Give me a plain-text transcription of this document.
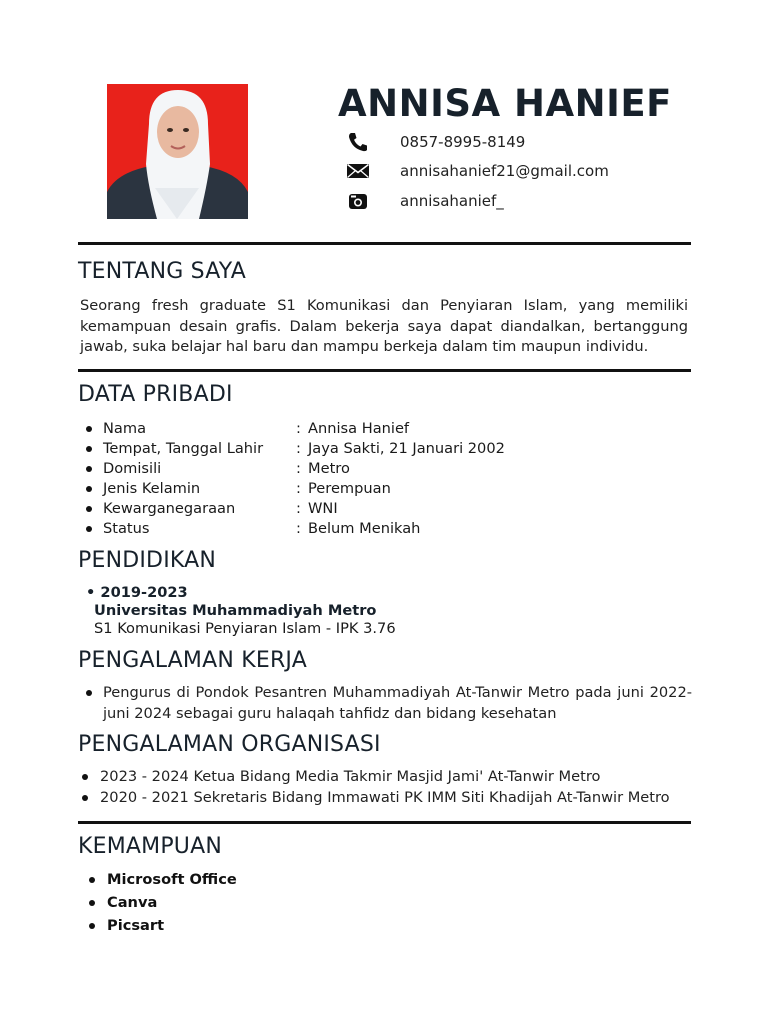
ANNISA HANIEF
0857-8995-8149
annisahanief21@gmail.com
annisahanief_
TENTANG SAYA
Seorang fresh graduate S1 Komunikasi dan Penyiaran Islam, yang memiliki kemampuan desain grafis. Dalam bekerja saya dapat diandalkan, bertanggung jawab, suka belajar hal baru dan mampu berkeja dalam tim maupun individu.
DATA PRIBADI
Nama	: Annisa Hanief
Tempat, Tanggal Lahir : Jaya Sakti, 21 Januari 2002
Domisili	: Metro
Jenis Kelamin	: Perempuan
Kewarganegaraan	: WNI
Status	: Belum Menikah
PENDIDIKAN
• 2019-2023
Universitas Muhammadiyah Metro
S1 Komunikasi Penyiaran Islam - IPK 3.76
PENGALAMAN KERJA
Pengurus di Pondok Pesantren Muhammadiyah At-Tanwir Metro pada juni 2022-juni 2024 sebagai guru halaqah tahfidz dan bidang kesehatan
PENGALAMAN ORGANISASI
2023 - 2024 Ketua Bidang Media Takmir Masjid Jami' At-Tanwir Metro
2020 - 2021 Sekretaris Bidang Immawati PK IMM Siti Khadijah At-Tanwir Metro
KEMAMPUAN
Microsoft Office
Canva
Picsart
